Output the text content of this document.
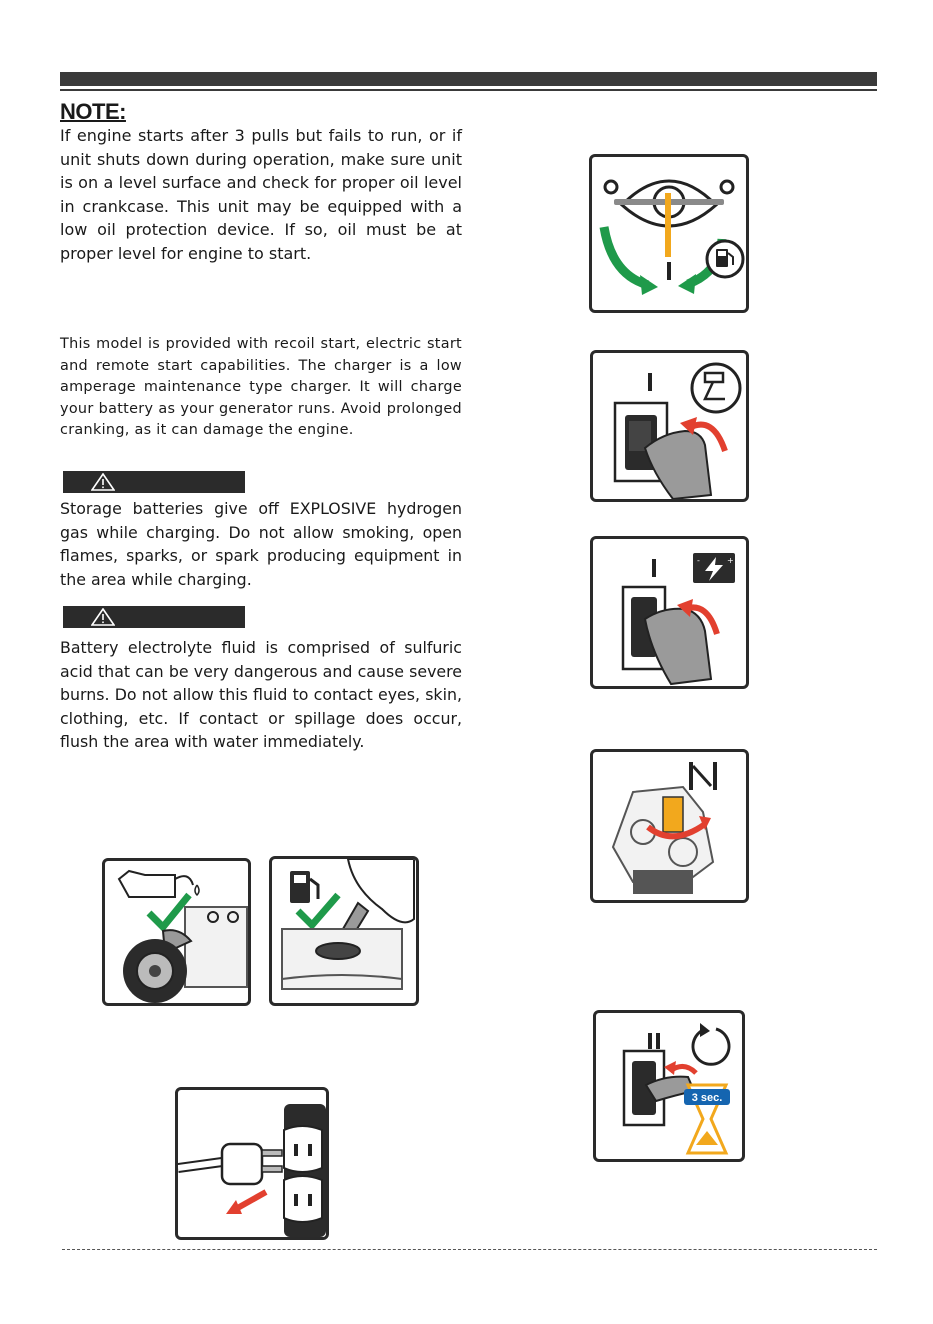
NOTE:
If engine starts after 3 pulls but fails to run, or if unit shuts down during operation, make sure unit is on a level surface and check for proper oil level in crankcase. This unit may be equipped with a low oil protection device. If so, oil must be at proper level for engine to start.
This model is provided with recoil start, electric start and remote start capabilities. The charger is a low amperage maintenance type charger. It will charge your battery as your generator runs. Avoid prolonged cranking, as it can damage the engine.
Storage batteries give off EXPLOSIVE hydrogen gas while charging. Do not allow smoking, open flames, sparks, or spark producing equipment in the area while charging.
Battery electrolyte fluid is comprised of sulfuric acid that can be very dangerous and cause severe burns. Do not allow this fluid to contact eyes, skin, clothing, etc. If contact or spillage does occur, flush the area with water immediately.
-	+
3 sec.
